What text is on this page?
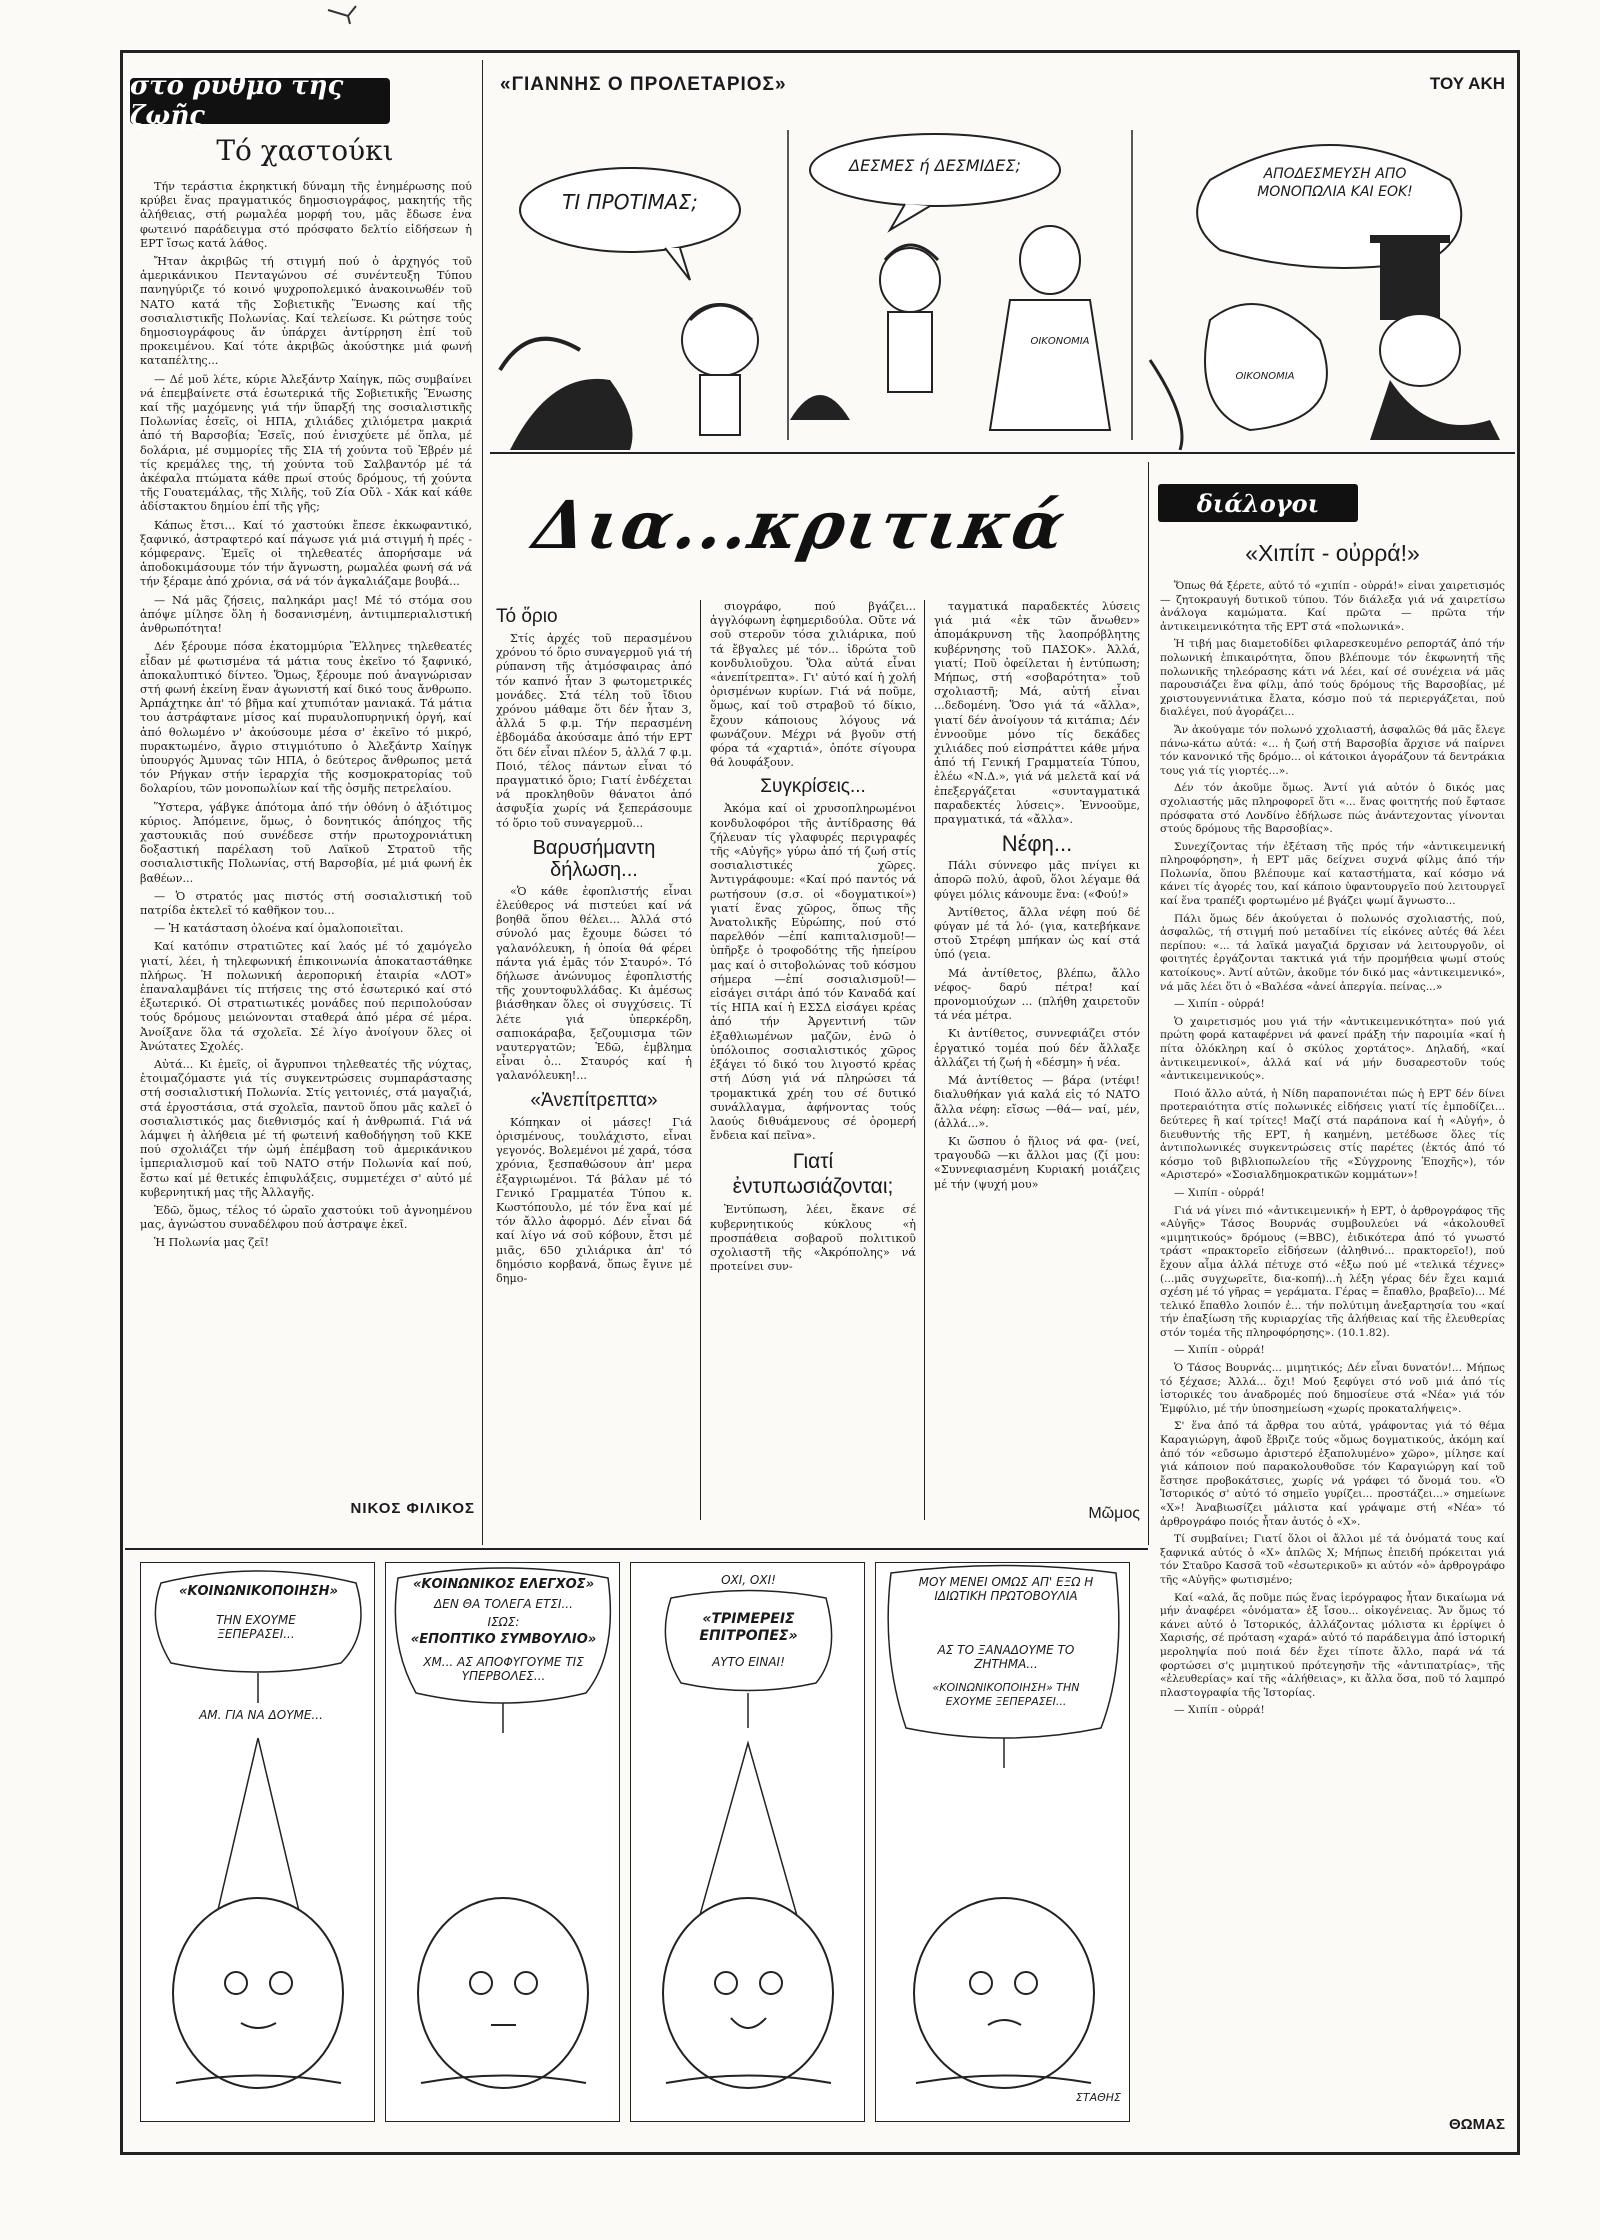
στό ρυθμό τῆς ζωῆς
«ΓΙΑΝΝΗΣ Ο ΠΡΟΛΕΤΑΡΙΟΣ»	ΤΟΥ ΑΚΗ
ΤΙ ΠΡΟΤΙΜΑΣ;
ΔΕΣΜΕΣ ή ΔΕΣΜΙΔΕΣ;
ΟΙΚΟΝΟΜΙΑ
ΑΠΟΔΕΣΜΕΥΣΗ ΑΠΟ ΜΟΝΟΠΩΛΙΑ ΚΑΙ ΕΟΚ!
ΟΙΚΟΝΟΜΙΑ
Τό χαστούκι

Τήν τεράστια ἐκρηκτική δύναμη τῆς ἐνημέρωσης πού κρύβει ἕνας πραγματικός δημοσιογράφος, μακητής τῆς ἀλήθειας, στή ρωμαλέα μορφή του, μᾶς ἔδωσε ἐνα φωτεινό παράδειγμα στό πρόσφατο δελτίο εἰδήσεων ἡ ΕΡΤ ἴσως κατά λάθος.

Ἤταν ἀκριβῶς τή στιγμή πού ὁ ἀρχηγός τοῦ ἀμερικάνικου Πενταγώνου σέ συνέντευξη Τύπου πανηγύριζε τό κοινό ψυχροπολεμικό ἀνακοινωθέν τοῦ ΝΑΤΟ κατά τῆς Σοβιετικῆς Ἕνωσης καί τῆς σοσιαλιστικῆς Πολωνίας. Καί τελείωσε. Κι ρώτησε τούς δημοσιογράφους ἄν ὑπάρχει ἀντίρρηση ἐπί τοῦ προκειμένου. Καί τότε ἀκριβῶς ἀκούστηκε μιά φωνή καταπέλτης...

— Δέ μοῦ λέτε, κύριε Ἀλεξάντρ Χαίηγκ, πῶς συμβαίνει νά ἐπεμβαίνετε στά ἐσωτερικά τῆς Σοβιετικῆς Ἕνωσης καί τῆς μαχόμενης γιά τήν ὕπαρξή της σοσιαλιστικῆς Πολωνίας ἐσεῖς, οἱ ΗΠΑ, χιλιάδες χιλιόμετρα μακριά ἀπό τή Βαρσοβία; Ἐσεῖς, πού ἐνισχύετε μέ ὅπλα, μέ δολάρια, μέ συμμορίες τῆς ΣΙΑ τή χούντα τοῦ Ἐβρέν μέ τίς κρεμάλες της, τή χούντα τοῦ Σαλβαντόρ μέ τά ἀκέφαλα πτώματα κάθε πρωί στούς δρόμους, τή χούντα τῆς Γουατεμάλας, τῆς Χιλῆς, τοῦ Ζία Οὔλ - Χάκ καί κάθε ἀδίστακτου δημίου ἐπί τῆς γῆς;

Κάπως ἔτσι... Καί τό χαστούκι ἔπεσε ἐκκωφαντικό, ξαφνικό, ἀστραφτερό καί πάγωσε γιά μιά στιγμή ἡ πρές - κόμφερανς. Ἐμεῖς οἱ τηλεθεατές ἀπορήσαμε νά ἀποδοκιμάσουμε τόν τήν ἄγνωστη, ρωμαλέα φωνή σά νά τήν ξέραμε ἀπό χρόνια, σά νά τόν ἀγκαλιάζαμε βουβά...

— Νά μᾶς ζήσεις, παληκάρι μας! Μέ τό στόμα σου ἀπόψε μίλησε ὅλη ἡ δοσανισμένη, ἀντιιμπεριαλιστική ἀνθρωπότητα!

Δέν ξέρουμε πόσα ἑκατομμύρια Ἕλληνες τηλεθεατές εἶδαν μέ φωτισμένα τά μάτια τους ἐκεῖνο τό ξαφνικό, ἀποκαλυπτικό δίντεο. Ὅμως, ξέρουμε πού ἀναγνώρισαν στή φωνή ἐκείνη ἕναν ἀγωνιστή καί δικό τους ἄνθρωπο. Ἀρπάχτηκε ἀπ' τό βῆμα καί χτυπιόταν μανιακά. Τά μάτια του ἀστράφτανε μίσος καί πυραυλοπυρηνική ὀργή, καί ἀπό θολωμένο ν' ἀκούσουμε μέσα σ' ἐκεῖνο τό μικρό, πυρακτωμένο, ἄγριο στιγμιότυπο ὁ Ἀλεξάντρ Χαίηγκ ὑπουργός Ἀμυνας τῶν ΗΠΑ, ὁ δεύτερος ἄνθρωπος μετά τόν Ρήγκαν στήν ἱεραρχία τῆς κοσμοκρατορίας τοῦ δολαρίου, τῶν μονοπωλίων καί τῆς ὀσμῆς πετρελαίου.

Ὕστερα, γάβγκε ἀπότομα ἀπό τήν ὀθόνη ὁ ἀξιότιμος κύριος. Ἀπόμεινε, ὅμως, ὁ δονητικός ἀπόηχος τῆς χαστουκιᾶς πού συνέδεσε στήν πρωτοχρονιάτικη δοξαστική παρέλαση τοῦ Λαϊκοῦ Στρατοῦ τῆς σοσιαλιστικῆς Πολωνίας, στή Βαρσοβία, μέ μιά φωνή ἐκ βαθέων...

— Ὁ στρατός μας πιστός στή σοσιαλιστική τοῦ πατρίδα ἐκτελεῖ τό καθῆκον του...

— Ἡ κατάσταση ὁλοένα καί ὁμαλοποιεῖται.

Καί κατόπιν στρατιῶτες καί λαός μέ τό χαμόγελο γιατί, λέει, ἡ τηλεφωνική ἐπικοινωνία ἀποκαταστάθηκε πλήρως. Ἡ πολωνική ἀεροπορική ἑταιρία «ΛΟΤ» ἐπαναλαμβάνει τίς πτήσεις της στό ἐσωτερικό καί στό ἐξωτερικό. Οἱ στρατιωτικές μονάδες πού περιπολούσαν τούς δρόμους μειώνονται σταθερά ἀπό μέρα σέ μέρα. Ἀνοίξανε ὅλα τά σχολεῖα. Σέ λίγο ἀνοίγουν ὅλες οἱ Ἀνώτατες Σχολές.

Αὐτά... Κι ἐμεῖς, οἱ ἄγρυπνοι τηλεθεατές τῆς νύχτας, ἑτοιμαζόμαστε γιά τίς συγκεντρώσεις συμπαράστασης στή σοσιαλιστική Πολωνία. Στίς γειτονιές, στά μαγαζιά, στά ἐργοστάσια, στά σχολεῖα, παντοῦ ὅπου μᾶς καλεῖ ὁ σοσιαλιστικός μας διεθνισμός καί ἡ ἀνθρωπιά. Γιά νά λάμψει ἡ ἀλήθεια μέ τή φωτεινή καθοδήγηση τοῦ ΚΚΕ πού σχολιάζει τήν ὠμή ἐπέμβαση τοῦ ἀμερικάνικου ἰμπεριαλισμοῦ καί τοῦ ΝΑΤΟ στήν Πολωνία καί πού, ἔστω καί μέ θετικές ἐπιφυλάξεις, συμμετέχει σ' αὐτό μέ κυβερνητική μας τῆς Ἀλλαγῆς.

Ἐδῶ, ὅμως, τέλος τό ὡραῖο χαστούκι τοῦ ἀγνοημένου μας, ἀγνώστου συναδέλφου πού ἀστραψε ἐκεῖ.

Ἡ Πολωνία μας ζεῖ!

ΝΙΚΟΣ ΦΙΛΙΚΟΣ
Δια...κριτικά
Τό ὅριο

Στίς ἀρχές τοῦ περασμένου χρόνου τό ὅριο συναγερμοῦ γιά τή ρύπανση τῆς ἀτμόσφαιρας ἀπό τόν καπνό ἦταν 3 φωτομετρικές μονάδες. Στά τέλη τοῦ ἴδιου χρόνου μάθαμε ὅτι δέν ἦταν 3, ἀλλά 5 φ.μ. Τήν περασμένη ἑβδομάδα ἀκούσαμε ἀπό τήν ΕΡΤ ὅτι δέν εἶναι πλέον 5, ἀλλά 7 φ.μ. Ποιό, τέλος πάντων εἶναι τό πραγματικό ὅριο; Γιατί ἐνδέχεται νά προκληθοῦν θάνατοι ἀπό ἀσφυξία χωρίς νά ξεπεράσουμε τό ὅριο τοῦ συναγερμοῦ...

Βαρυσήμαντη δήλωση...

«Ὁ κάθε ἐφοπλιστής εἶναι ἐλεύθερος νά πιστεύει καί νά βοηθᾶ ὅπου θέλει... Ἀλλά στό σύνολό μας ἔχουμε δώσει τό γαλανόλευκη, ἡ ὁποία θά φέρει πάντα γιά ἐμᾶς τόν Σταυρό». Τό δήλωσε ἀνώνυμος ἐφοπλιστής τῆς χουντοφυλλάδας. Κι ἀμέσως βιάσθηκαν ὅλες οἱ συγχύσεις. Τί λέτε γιά ὑπερκέρδη, σαπιοκάραβα, ξεζουμισμα τῶν ναυτεργατῶν; Ἐδῶ, ἐμβλημα εἶναι ὁ... Σταυρός καί ἡ γαλανόλευκη!...

«Ἀνεπίτρεπτα»

Κόπηκαν οἱ μάσες! Γιά ὁρισμένους, τουλάχιστο, εἶναι γεγονός. Βολεμένοι μέ χαρά, τόσα χρόνια, ξεσπαθώσουν ἀπ' μερα ἐξαγριωμένοι. Τά βάλαν μέ τό Γενικό Γραμματέα Τύπου κ. Κωστόπουλο, μέ τόν ἕνα καί μέ τόν ἄλλο ἀφορμό. Δέν εἶναι δά καί λίγο νά σοῦ κόβουν, ἔτσι μέ μιᾶς, 650 χιλιάρικα ἀπ' τό δημόσιο κορβανά, ὅπως ἔγινε μέ δημο-

σιογράφο, πού βγάζει... ἀγγλόφωνη ἐφημεριδούλα. Οὔτε νά σοῦ στεροῦν τόσα χιλιάρικα, πού τά ἔβγαλες μέ τόν... ἱδρώτα τοῦ κονδυλιοῦχου. Ὅλα αὐτά εἶναι «ἀνεπίτρεπτα». Γι' αὐτό καί ἡ χολή ὁρισμένων κυρίων. Γιά νά ποῦμε, ὅμως, καί τοῦ στραβοῦ τό δίκιο, ἔχουν κάποιους λόγους νά φωνάζουν. Μέχρι νά βγοῦν στή φόρα τά «χαρτιά», ὁπότε σίγουρα θά λουφάξουν.

Συγκρίσεις...

Ἀκόμα καί οἱ χρυσοπληρωμένοι κονδυλοφόροι τῆς ἀντίδρασης θά ζήλευαν τίς γλαφυρές περιγραφές τῆς «Αὐγῆς» γύρω ἀπό τή ζωή στίς σοσιαλιστικές χῶρες. Ἀντιγράφουμε: «Καί πρό παντός νά ρωτήσουν (σ.σ. οἱ «δογματικοί») γιατί ἕνας χῶρος, ὅπως τῆς Ἀνατολικῆς Εὐρώπης, πού στό παρελθόν —ἐπί καπιταλισμοῦ!— ὑπῆρξε ὁ τροφοδότης τῆς ἠπείρου μας καί ὁ σιτοβολώνας τοῦ κόσμου σήμερα —ἐπί σοσιαλισμοῦ!— εἰσάγει σιτάρι ἀπό τόν Καναδά καί τίς ΗΠΑ καί ἡ ΕΣΣΔ εἰσάγει κρέας ἀπό τήν Ἀργεντινή τῶν ἐξαθλιωμένων μαζῶν, ἐνῶ ὁ ὑπόλοιπος σοσιαλιστικός χῶρος ἐξάγει τό δικό του λιγοστό κρέας στή Δύση γιά νά πληρώσει τά τρομακτικά χρέη του σέ δυτικό συνάλλαγμα, ἀφήνοντας τούς λαούς διθυάμενους σέ ὀρομερή ἔνδεια καί πεῖνα».

Γιατί ἐντυπωσιάζονται;

Ἐντύπωση, λέει, ἔκανε σέ κυβερνητικούς κύκλους «ἡ προσπάθεια σοβαροῦ πολιτικοῦ σχολιαστῆ τῆς «Ἀκρόπολης» νά προτείνει συν-

ταγματικά παραδεκτές λύσεις γιά μιά «ἐκ τῶν ἄνωθεν» ἀπομάκρυνση τῆς λαοπρόβλητης κυβέρνησης τοῦ ΠΑΣΟΚ». Ἀλλά, γιατί; Ποῦ ὀφείλεται ἡ ἐντύπωση; Μήπως, στή «σοβαρότητα» τοῦ σχολιαστῆ; Μά, αὐτή εἶναι ...δεδομένη. Ὅσο γιά τά «ἄλλα», γιατί δέν ἀνοίγουν τά κιτάπια; Δέν ἐννοοῦμε μόνο τίς δεκάδες χιλιάδες πού εἰσπράττει κάθε μήνα ἀπό τή Γενική Γραμματεία Τύπου, ἐλέω «Ν.Δ.», γιά νά μελετᾶ καί νά ἐπεξεργάζεται «συνταγματικά παραδεκτές λύσεις». Ἐννοοῦμε, πραγματικά, τά «ἄλλα».

Νέφη...

Πάλι σύννεφο μᾶς πνίγει κι ἀπορῶ πολύ, ἀφοῦ, ὅλοι λέγαμε θά φύγει μόλις κάνουμε ἕνα: («Φού!»

Ἀντίθετος, ἄλλα νέφη πού δέ φύγαν μέ τά λό- (για, κατεβήκανε στοῦ Στρέφη μπήκαν ὡς καί στά ὑπό (γεια.

Μά ἀντίθετος, βλέπω, ἄλλο νέφος- δαρύ πέτρα! καί προνομιούχων ... (πλήθη χαιρετοῦν τά νέα μέτρα.

Κι ἀντίθετος, συννεφιάζει στόν ἐργατικό τομέα πού δέν ἄλλαξε ἀλλάζει τή ζωή ἡ «δέσμη» ἡ νέα.

Μά ἀντίθετος — βάρα (ντέφι! διαλυθήκαν γιά καλά εἰς τό ΝΑΤΟ ἄλλα νέφη: εἴσως —θά— ναί, μέν, (ἀλλά...».

Κι ὥσπου ὁ ἥλιος νά φα- (νεί, τραγουδῶ —κι ἄλλοι μας (ζί μου: «Συννεφιασμένη Κυριακή μοιάζεις μέ τήν (ψυχή μου»

Μῶμος
διάλογοι
«Χιπίπ - οὐρρά!»

Ὅπως θά ξέρετε, αὐτό τό «χιπίπ - οὐρρά!» εἶναι χαιρετισμός — ζητοκραυγή δυτικοῦ τύπου. Τόν διάλεξα γιά νά χαιρετίσω ἀνάλογα καμώματα. Καί πρῶτα — πρῶτα τήν ἀντικειμενικότητα τῆς ΕΡΤ στά «πολωνικά».

Ἡ τιβή μας διαμετοδίδει φιλαρεσκευμένο ρεπορτάζ ἀπό τήν πολωνική ἐπικαιρότητα, ὅπου βλέπουμε τόν ἐκφωνητή τῆς πολωνικῆς τηλεόρασης κάτι νά λέει, καί σέ συνέχεια νά μᾶς παρουσιάζει ἕνα φίλμ, ἀπό τούς δρόμους τῆς Βαρσοβίας, μέ χριστουγεννιάτικα ἔλατα, κόσμο πού τά περιεργάζεται, πού διαλέγει, πού ἀγοράζει...

Ἄν ἀκούγαμε τόν πολωνό χχολιαστή, ἀσφαλῶς θά μᾶς ἔλεγε πάνω-κάτω αὐτά: «... ἡ ζωή στή Βαρσοβία ἄρχισε νά παίρνει τόν κανονικό τῆς δρόμο... οἱ κάτοικοι ἀγοράζουν τά δεντράκια τους γιά τίς γιορτές...».

Δέν τόν ἀκοῦμε ὅμως. Ἀντί γιά αὐτόν ὁ δικός μας σχολιαστής μᾶς πληροφορεῖ ὅτι «... ἕνας φοιτητής πού ἔφτασε πρόσφατα στό Λονδίνο ἐδήλωσε πώς ἀνάντεχοντας γίνονται στούς δρόμους τῆς Βαρσοβίας».

Συνεχίζοντας τήν ἐξέταση τῆς πρός τήν «ἀντικειμενική πληροφόρηση», ἡ ΕΡΤ μᾶς δείχνει συχνά φίλμς ἀπό τήν Πολωνία, ὅπου βλέπουμε καί καταστήματα, καί κόσμο νά κάνει τίς ἀγορές του, καί κάποιο ὑφαντουργεῖο πού λειτουργεῖ καί ἕνα τραπέζι φορτωμένο μέ βγάζει ψωμί ἄγνωστο...

Πάλι ὅμως δέν ἀκούγεται ὁ πολωνός σχολιαστής, πού, ἀσφαλῶς, τή στιγμή πού μεταδίνει τίς εἰκόνες αὐτές θά λέει περίπου: «... τά λαϊκά μαγαζιά δρχισαν νά λειτουργοῦν, οἱ φοιτητές ἐργάζονται τακτικά γιά τήν προμήθεια ψωμί στούς κατοίκους». Ἀντί αὐτῶν, ἀκοῦμε τόν δικό μας «ἀντικειμενικό», νά μᾶς λέει ὅτι ὁ «Βαλέσα «ἀνεί ἀπεργία. πείνας...»

— Χιπίπ - οὐρρά!

Ὁ χαιρετισμός μου γιά τήν «ἀντικειμενικότητα» πού γιά πρώτη φορά καταφέρνει νά φανεί πράξη τήν παροιμία «καί ἡ πίτα ὁλόκληρη καί ὁ σκύλος χορτάτος». Δηλαδή, «καί ἀντικειμενικοί», ἀλλά καί νά μήν δυσαρεστοῦν τούς «ἀντικειμενικούς».

Ποιό ἄλλο αὐτά, ἡ Νίδη παραπονιέται πώς ἡ ΕΡΤ δέν δίνει προτεραιότητα στίς πολωνικές εἰδήσεις γιατί τίς ἐμποδίζει... δεύτερες ἢ καί τρίτες! Μαζί στά παράπονα καί ἡ «Αὐγή», ὁ διευθυντής τῆς ΕΡΤ, ἡ καημένη, μετέδωσε ὅλες τίς ἀντιπολωνικές συγκεντρώσεις στίς παρέτες (ἐκτός ἀπό τό κόσμο τοῦ βιβλιοπωλείου τῆς «Σύγχρονης Ἐποχῆς»), τόν «Αριστερό» «Σοσιαλδημοκρατικῶν κομμάτων»!

— Χιπίπ - οὐρρά!

Γιά νά γίνει πιό «ἀντικειμενική» ἡ ΕΡΤ, ὁ ἀρθρογράφος τῆς «Αὐγῆς» Τάσος Βουρνάς συμβουλεύει νά «ἀκολουθεῖ «μιμητικούς» δρόμους (=BBC), ἐιδικότερα ἀπό τό γνωστό τράστ «πρακτορεῖο εἰδήσεων (ἀληθινό... πρακτορεῖο!), πού ἔχουν αἷμα ἀλλά πέτυχε στό «ἐξω πού μέ «τελικά τέχνες» (...μᾶς συγχωρεῖτε, δια-κοπή)...ἡ λέξη γέρας δέν ἔχει καμιά σχέση μέ τό γῆρας = γεράματα. Γέρας = ἔπαθλο, βραβεῖο)... Μέ τελικό ἔπαθλο λοιπόν ἐ... τήν πολύτιμη ἀνεξαρτησία του «καί τήν ἐπαξίωση τῆς κυριαρχίας τῆς ἀλήθειας καί τῆς ἐλευθερίας στόν τομέα τῆς πληροφόρησης». (10.1.82).

— Χιπίπ - οὐρρά!

Ὁ Τάσος Βουρνάς... μιμητικός; Δέν εἶναι δυνατόν!... Μήπως τό ξέχασε; Ἀλλά... ὄχι! Μού ξεφύγει στό νοῦ μιά ἀπό τίς ἱστορικές του ἀναδρομές πού δημοσίευε στά «Νέα» γιά τόν Ἐμφύλιο, μέ τήν ὑποσημείωση «χωρίς προκαταλήψεις».

Σ' ἕνα ἀπό τά ἄρθρα του αὐτά, γράφοντας γιά τό θέμα Καραγιώργη, ἀφοῦ ἔβριζε τούς «ὅμως δογματικούς, ἀκόμη καί ἀπό τόν «εὔσωμο ἀριστερό ἐξαπολυμένο» χῶρο», μίλησε καί γιά κάποιον πού παρακολουθοῦσε τόν Καραγιώργη καί τοῦ ἔστησε προβοκάτσιες, χωρίς νά γράφει τό ὄνομά του. «Ὁ Ἱστορικός σ' αὐτό τό σημεῖο γυρίζει... προστάζει...» σημείωνε «Χ»! Ἀναβιωσίζει μάλιστα καί γράψαμε στή «Νέα» τό ἀρθρογράφο ποιός ἦταν ἀυτός ὁ «Χ».

Τί συμβαίνει; Γιατί ὅλοι οἱ ἄλλοι μέ τά ὀνόματά τους καί ξαφνικά αὐτός ὁ «Χ» ἁπλῶς Χ; Μήπως ἐπειδή πρόκειται γιά τόν Σταῦρο Κασσᾶ τοῦ «ἐσωτερικοῦ» κι αὐτόν «ὁ» ἀρθρογράφο τῆς «Αὐγῆς» φωτισμένο;

Καί «αλά, ἄς ποῦμε πώς ἕνας ἱερόγραφος ἦταν δικαίωμα νά μήν ἀναφέρει «ὀνόματα» ἐξ ἴσου... οἰκογένειας. Ἄν ὅμως τό κάνει αὐτό ὁ Ἱστορικός, ἀλλάζοντας μόλιστα κι ἐρρίψει ὁ Χαρισής, σέ πρόταση «χαρά» αὐτό τό παράδειγμα ἀπό ἱστορική μεροληψία πού ποιά δέν ἔχει τίποτε ἄλλο, παρά νά τά φορτώσει σ'ς μιμητικού πρότεγησῆν τῆς «ἀντιπατρίας», τῆς «ἐλευθερίας» καί τῆς «ἀλήθειας», κι ἄλλα ὅσα, ποῦ τό λαμπρό πλαστογραφία τῆς Ἱστορίας.

— Χιπίπ - οὐρρά!

ΘΩΜΑΣ
«ΚΟΙΝΩΝΙΚΟΠΟΙΗΣΗ»
ΤΗΝ ΕΧΟΥΜΕ ΞΕΠΕΡΑΣΕΙ...
ΑΜ. ΓΙΑ ΝΑ ΔΟΥΜΕ...
«ΚΟΙΝΩΝΙΚΟΣ ΕΛΕΓΧΟΣ»
ΔΕΝ ΘΑ ΤΟΛΕΓΑ ΕΤΣΙ...
ΙΣΩΣ:
«ΕΠΟΠΤΙΚΟ ΣΥΜΒΟΥΛΙΟ»
ΧΜ... ΑΣ ΑΠΟΦΥΓΟΥΜΕ ΤΙΣ ΥΠΕΡΒΟΛΕΣ...
ΟΧΙ, ΟΧΙ!
«ΤΡΙΜΕΡΕΙΣ ΕΠΙΤΡΟΠΕΣ»
ΑΥΤΟ ΕΙΝΑΙ!
ΜΟΥ ΜΕΝΕΙ ΟΜΩΣ ΑΠ' ΕΞΩ Η ΙΔΙΩΤΙΚΗ ΠΡΩΤΟΒΟΥΛΙΑ
ΑΣ ΤΟ ΞΑΝΑΔΟΥΜΕ ΤΟ ΖΗΤΗΜΑ...
«ΚΟΙΝΩΝΙΚΟΠΟΙΗΣΗ» ΤΗΝ ΕΧΟΥΜΕ ΞΕΠΕΡΑΣΕΙ...
ΣΤΑΘΗΣ
